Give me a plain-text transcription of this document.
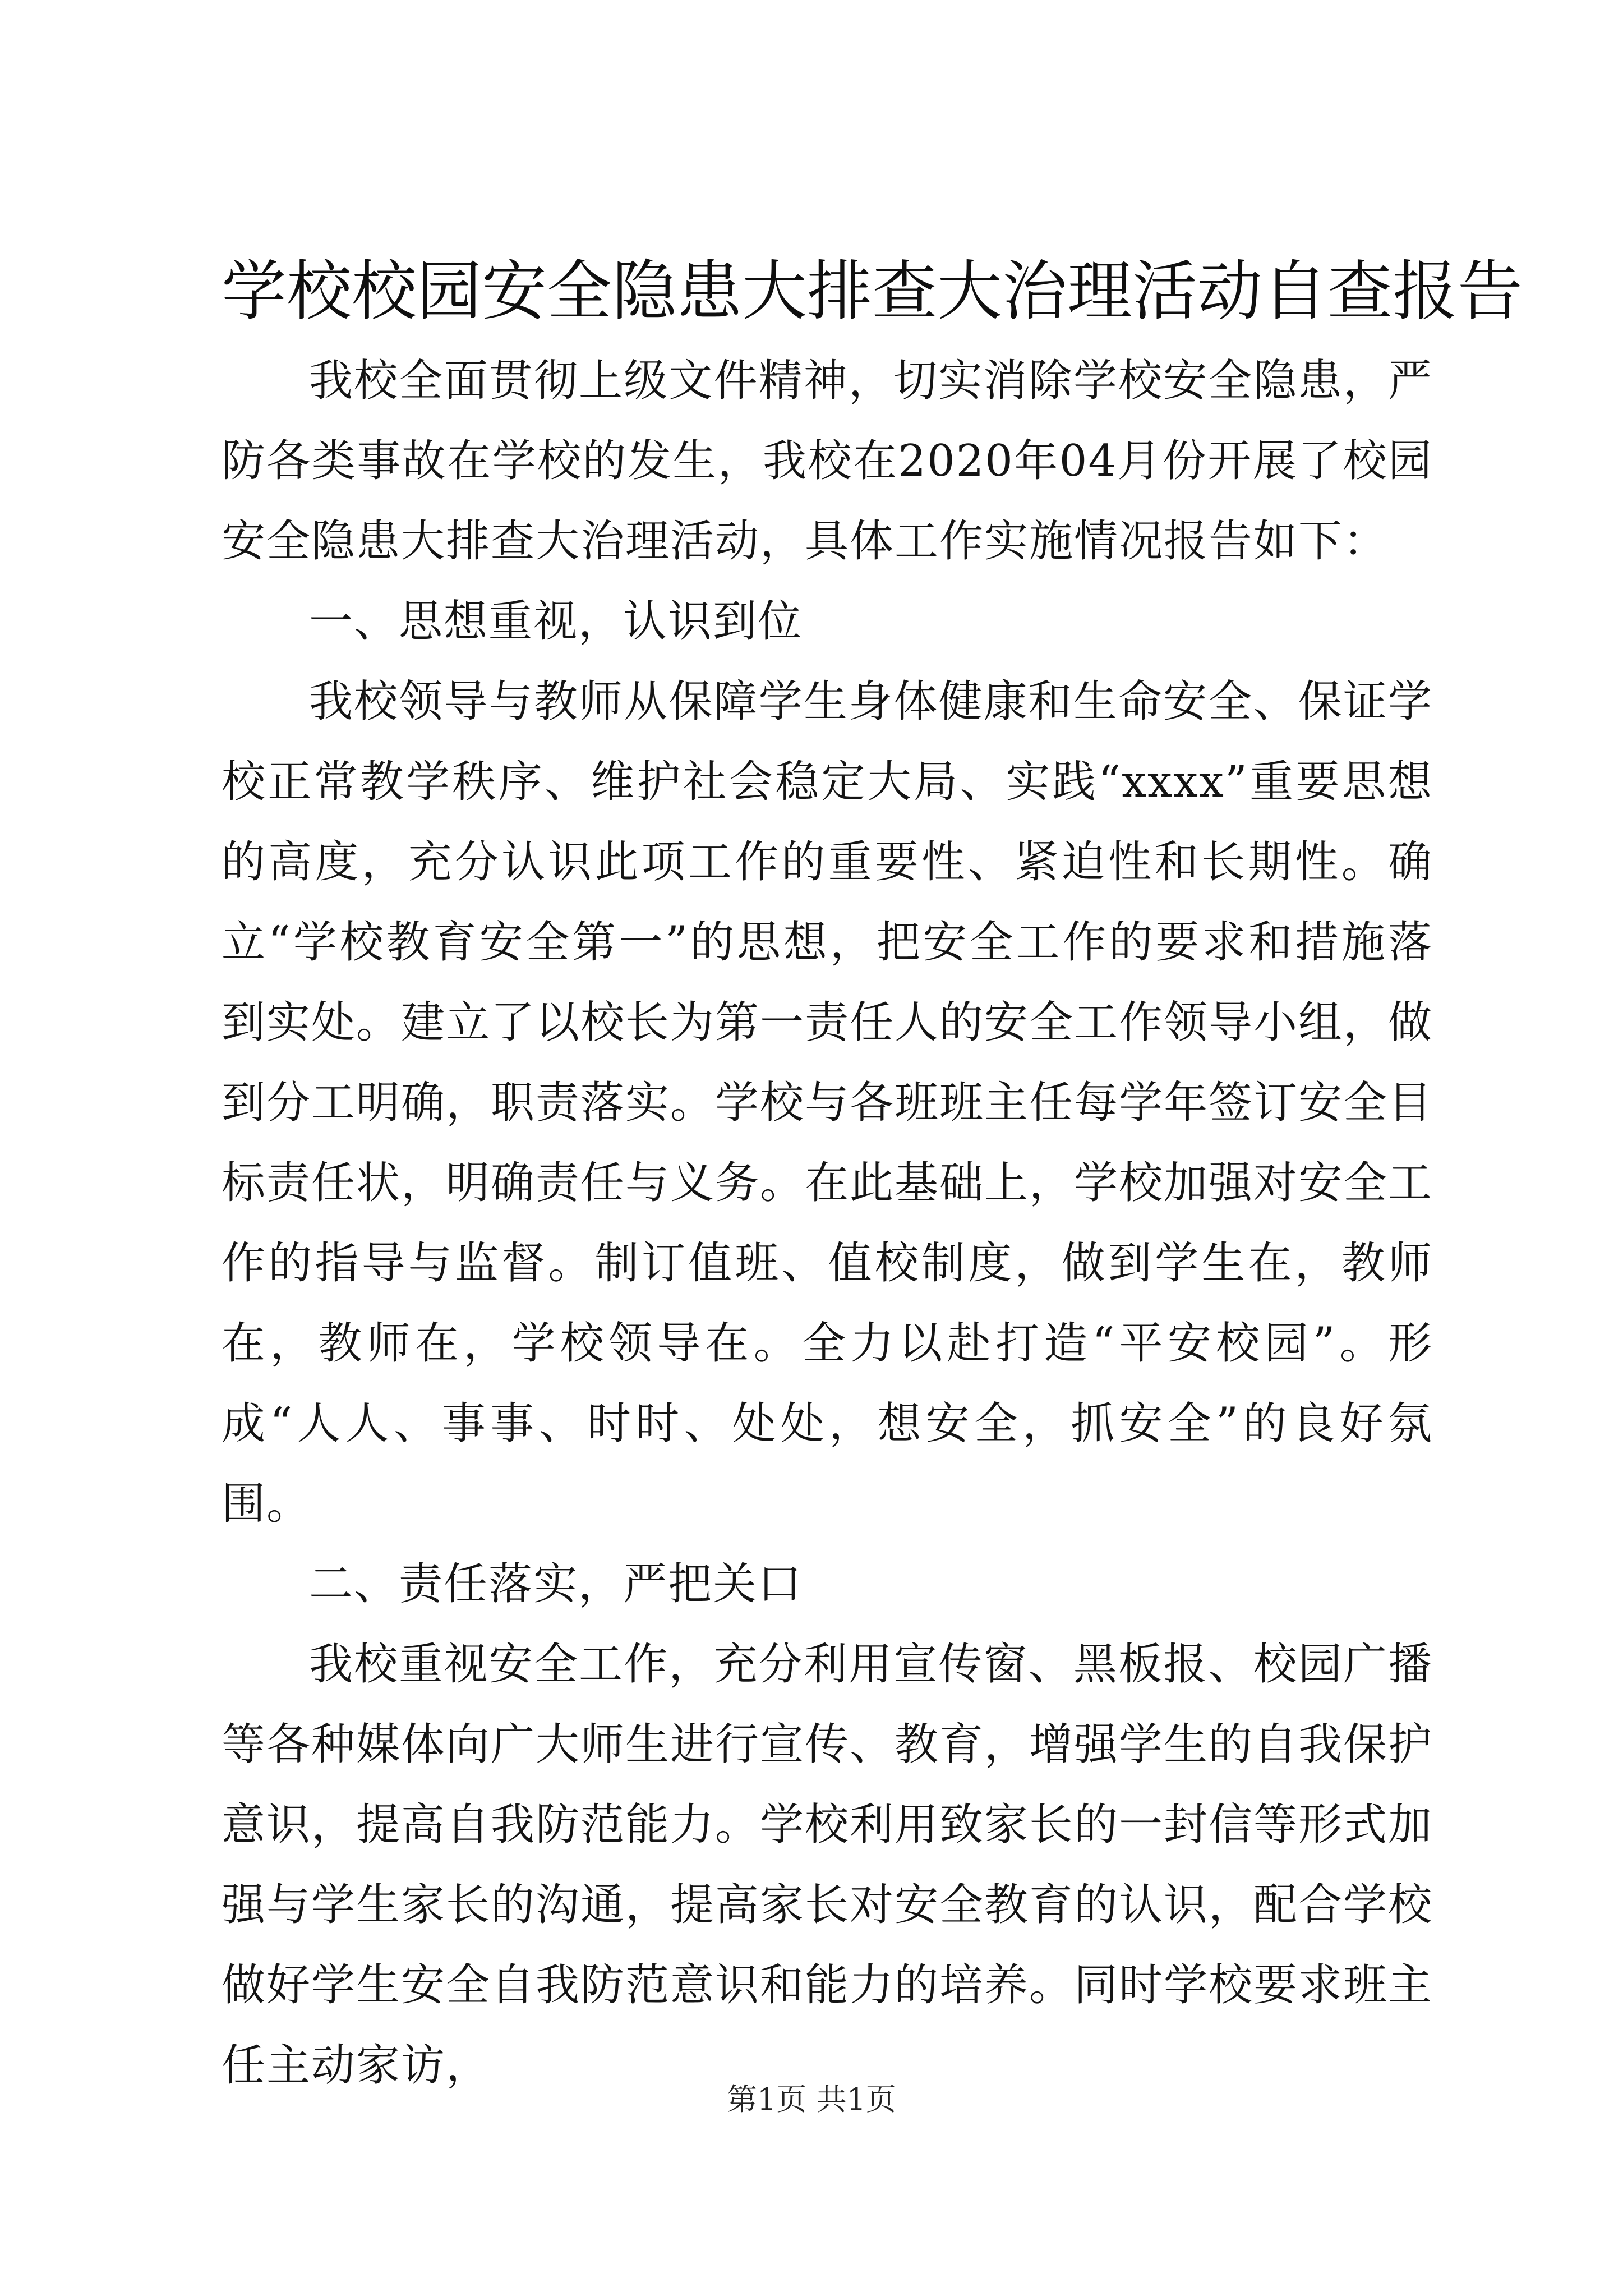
学校校园安全隐患大排查大治理活动自查报告

我校全面贯彻上级文件精神，切实消除学校安全隐患，严防各类事故在学校的发生，我校在2020年04月份开展了校园安全隐患大排查大治理活动，具体工作实施情况报告如下：

一、思想重视，认识到位

我校领导与教师从保障学生身体健康和生命安全、保证学校正常教学秩序、维护社会稳定大局、实践“xxxx”重要思想的高度，充分认识此项工作的重要性、紧迫性和长期性。确立“学校教育安全第一”的思想，把安全工作的要求和措施落到实处。建立了以校长为第一责任人的安全工作领导小组，做到分工明确，职责落实。学校与各班班主任每学年签订安全目标责任状，明确责任与义务。在此基础上，学校加强对安全工作的指导与监督。制订值班、值校制度，做到学生在，教师在，教师在，学校领导在。全力以赴打造“平安校园”。形成“人人、事事、时时、处处，想安全，抓安全”的良好氛围。

二、责任落实，严把关口

我校重视安全工作，充分利用宣传窗、黑板报、校园广播等各种媒体向广大师生进行宣传、教育，增强学生的自我保护意识，提高自我防范能力。学校利用致家长的一封信等形式加强与学生家长的沟通，提高家长对安全教育的认识，配合学校做好学生安全自我防范意识和能力的培养。同时学校要求班主任主动家访，

第1页 共1页
